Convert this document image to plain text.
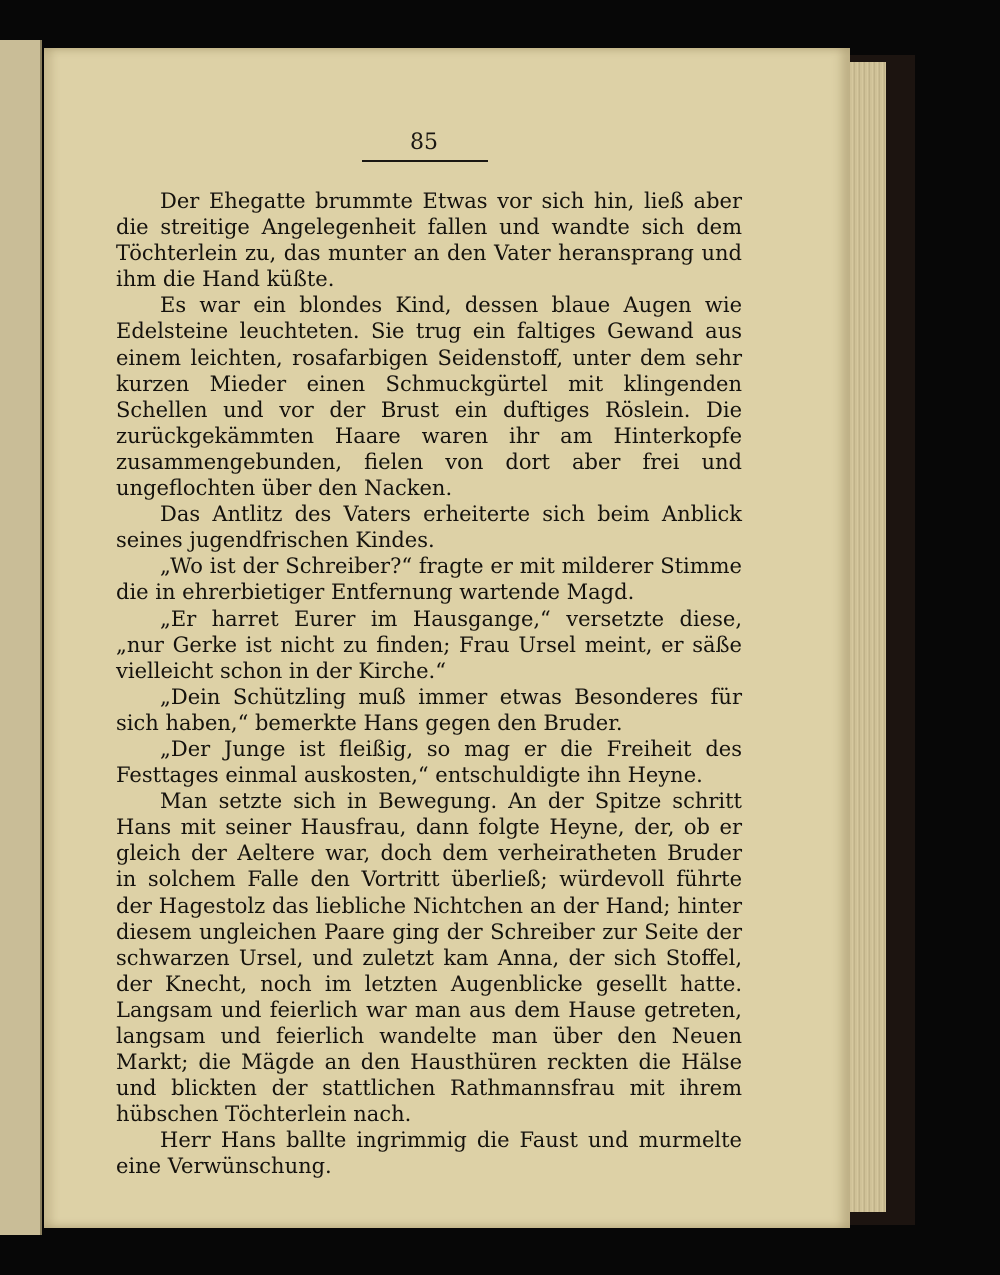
85

Der Ehegatte brummte Etwas vor sich hin, ließ aber die streitige Angelegenheit fallen und wandte sich dem Töchterlein zu, das munter an den Vater heransprang und ihm die Hand küßte.

Es war ein blondes Kind, dessen blaue Augen wie Edelsteine leuchteten. Sie trug ein faltiges Gewand aus einem leichten, rosafarbigen Seidenstoff, unter dem sehr kurzen Mieder einen Schmuckgürtel mit klingenden Schellen und vor der Brust ein duftiges Röslein. Die zurückgekämmten Haare waren ihr am Hinterkopfe zusammengebunden, fielen von dort aber frei und ungeflochten über den Nacken.

Das Antlitz des Vaters erheiterte sich beim Anblick seines jugendfrischen Kindes.

„Wo ist der Schreiber?“ fragte er mit milderer Stimme die in ehrerbietiger Entfernung wartende Magd.

„Er harret Eurer im Hausgange,“ versetzte diese, „nur Gerke ist nicht zu finden; Frau Ursel meint, er säße vielleicht schon in der Kirche.“

„Dein Schützling muß immer etwas Besonderes für sich haben,“ bemerkte Hans gegen den Bruder.

„Der Junge ist fleißig, so mag er die Freiheit des Festtages einmal auskosten,“ entschuldigte ihn Heyne.

Man setzte sich in Bewegung. An der Spitze schritt Hans mit seiner Hausfrau, dann folgte Heyne, der, ob er gleich der Aeltere war, doch dem verheiratheten Bruder in solchem Falle den Vortritt überließ; würdevoll führte der Hagestolz das liebliche Nichtchen an der Hand; hinter diesem ungleichen Paare ging der Schreiber zur Seite der schwarzen Ursel, und zuletzt kam Anna, der sich Stoffel, der Knecht, noch im letzten Augenblicke gesellt hatte. Langsam und feierlich war man aus dem Hause getreten, langsam und feierlich wandelte man über den Neuen Markt; die Mägde an den Hausthüren reckten die Hälse und blickten der stattlichen Rathmannsfrau mit ihrem hübschen Töchterlein nach.

Herr Hans ballte ingrimmig die Faust und murmelte eine Verwünschung.
